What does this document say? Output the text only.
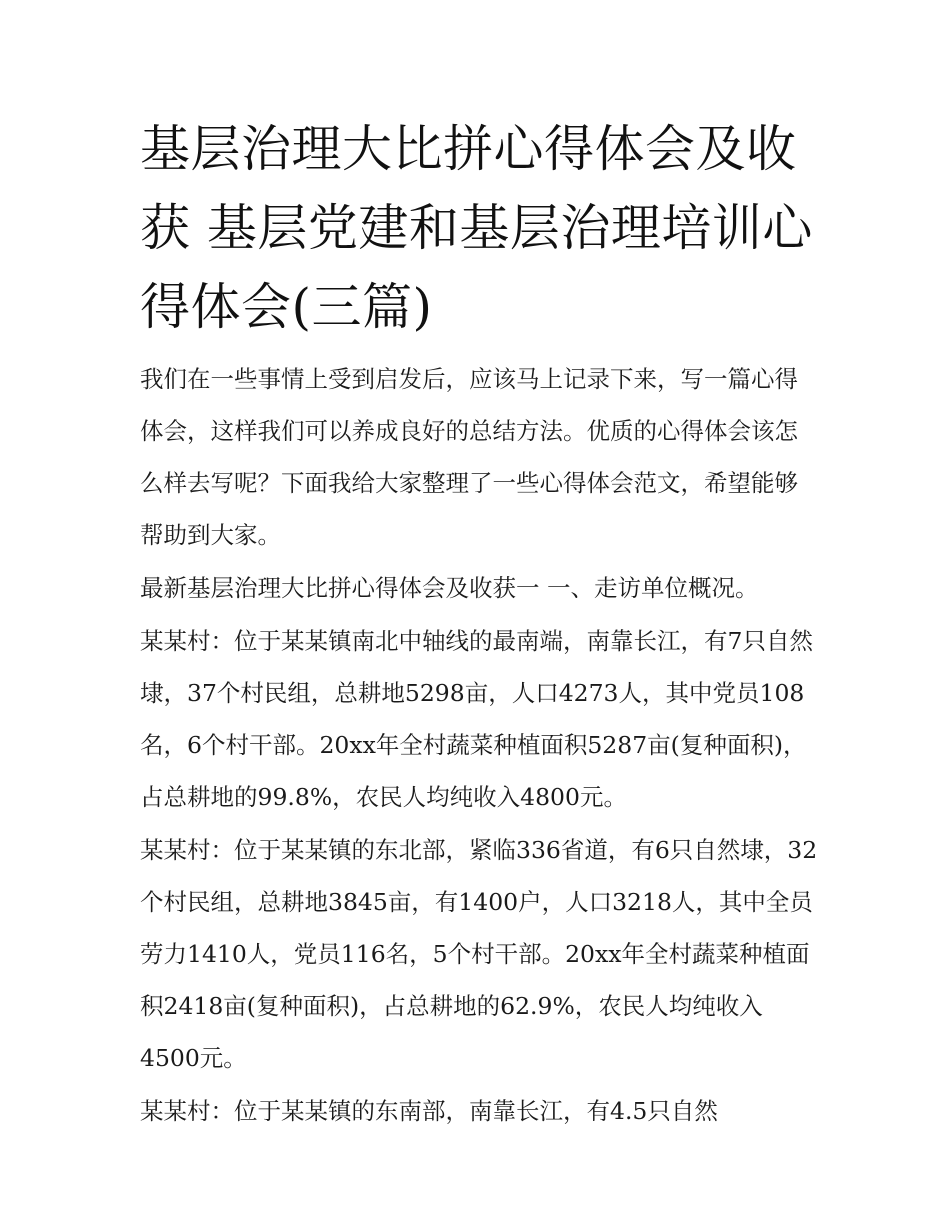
基层治理大比拼心得体会及收获 基层党建和基层治理培训心得体会(三篇)

我们在一些事情上受到启发后，应该马上记录下来，写一篇心得体会，这样我们可以养成良好的总结方法。优质的心得体会该怎么样去写呢？下面我给大家整理了一些心得体会范文，希望能够帮助到大家。

最新基层治理大比拼心得体会及收获一 一、走访单位概况。

某某村：位于某某镇南北中轴线的最南端，南靠长江，有7只自然埭，37个村民组，总耕地5298亩，人口4273人，其中党员108名，6个村干部。20xx年全村蔬菜种植面积5287亩(复种面积)，占总耕地的99.8%，农民人均纯收入4800元。

某某村：位于某某镇的东北部，紧临336省道，有6只自然埭，32个村民组，总耕地3845亩，有1400户，人口3218人，其中全员劳力1410人，党员116名，5个村干部。20xx年全村蔬菜种植面积2418亩(复种面积)，占总耕地的62.9%，农民人均纯收入4500元。

某某村：位于某某镇的东南部，南靠长江，有4.5只自然
